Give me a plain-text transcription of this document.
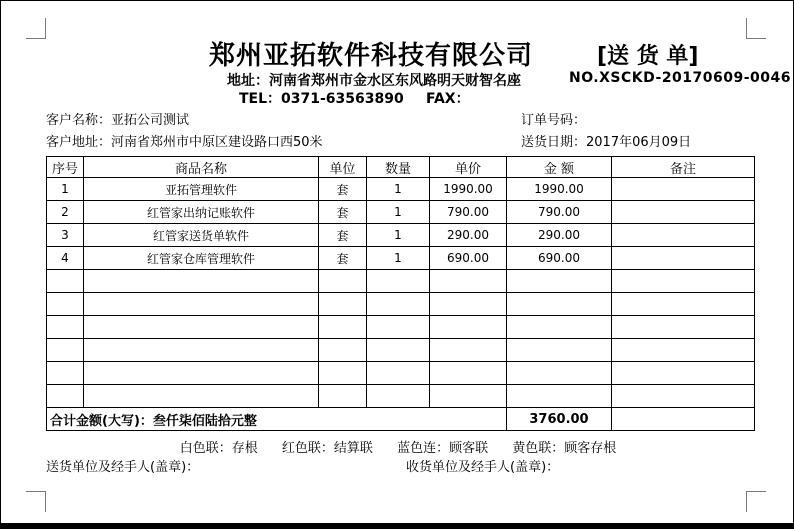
郑州亚拓软件科技有限公司	[送 货 单]
地址：河南省郑州市金水区东风路明天财智名座	NO.XSCKD-20170609-0046
TEL：0371-63563890 FAX：
客户名称：亚拓公司测试	订单号码：
客户地址：河南省郑州市中原区建设路口西50米	送货日期：2017年06月09日
序号	商品名称	单位	数量	单价	金 额	备注
1	亚拓管理软件	套	1	1990.00	1990.00	
2	红管家出纳记账软件	套	1	790.00	790.00	
3	红管家送货单软件	套	1	290.00	290.00	
4	红管家仓库管理软件	套	1	690.00	690.00	

合计金额(大写)：叁仟柒佰陆拾元整					3760.00	
白色联：存根 红色联：结算联 蓝色连：顾客联 黄色联：顾客存根
送货单位及经手人(盖章)：	收货单位及经手人(盖章)：
